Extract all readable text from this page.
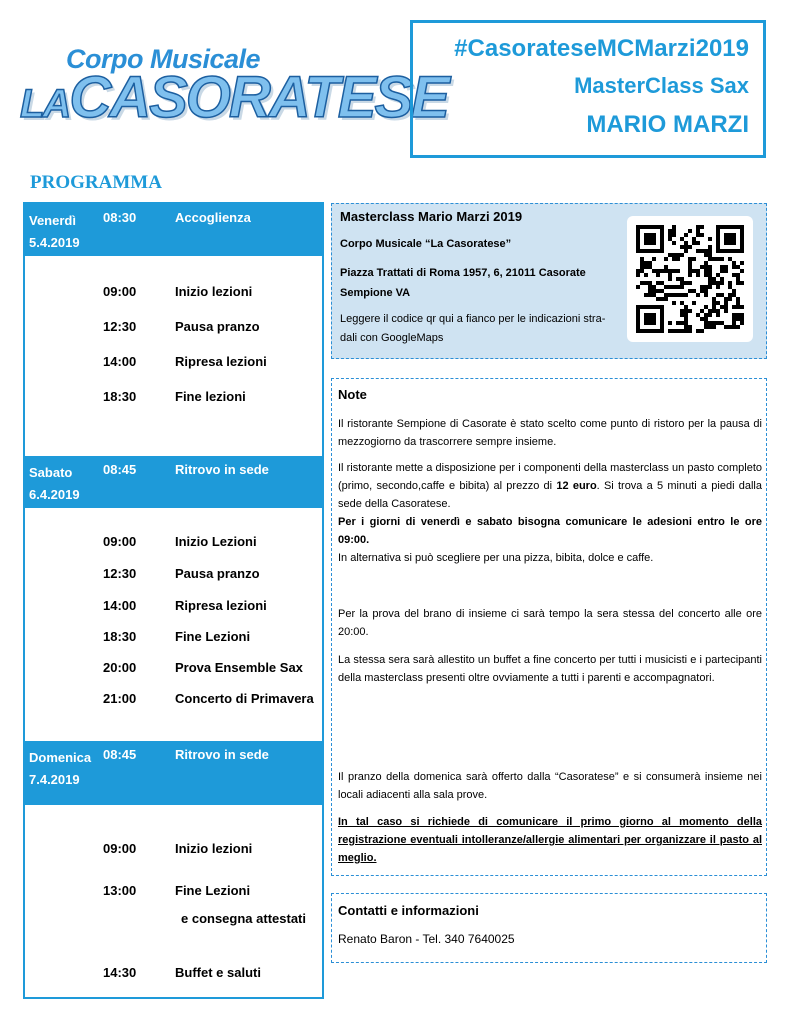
Corpo Musicale
LACASORATESE
#CasorateseMCMarzi2019
MasterClass Sax
MARIO MARZI
PROGRAMMA
Venerdì
5.4.2019
08:30	Accoglienza
09:00	Inizio lezioni
12:30	Pausa pranzo
14:00	Ripresa lezioni
18:30	Fine lezioni
Sabato
6.4.2019
08:45	Ritrovo in sede
09:00	Inizio Lezioni
12:30	Pausa pranzo
14:00	Ripresa lezioni
18:30	Fine Lezioni
20:00	Prova Ensemble Sax
21:00	Concerto di Primavera
Domenica
7.4.2019
08:45	Ritrovo in sede
09:00	Inizio lezioni
13:00	Fine Lezioni
e consegna attestati
14:30	Buffet e saluti
Masterclass Mario Marzi 2019
Corpo Musicale “La Casoratese”
Piazza Trattati di Roma 1957, 6, 21011 Casorate
Sempione VA
Leggere il codice qr qui a fianco per le indicazioni stra-
dali con GoogleMaps
Note

Il ristorante Sempione di Casorate è stato scelto come punto di ristoro per la pausa di mezzogiorno da trascorrere sempre insieme.

Il ristorante mette a disposizione per i componenti della masterclass un pasto completo (primo, secondo,caffe e bibita) al prezzo di 12 euro. Si trova a 5 minuti a piedi dalla sede della Casoratese.
Per i giorni di venerdì e sabato bisogna comunicare le adesioni entro le ore 09:00.
In alternativa si può scegliere per una pizza, bibita, dolce e caffe.

Per la prova del brano di insieme ci sarà tempo la sera stessa del concerto alle ore 20:00.

La stessa sera sarà allestito un buffet a fine concerto per tutti i musicisti e i partecipanti della masterclass presenti oltre ovviamente a tutti i parenti e accompagnatori.

Il pranzo della domenica sarà offerto dalla “Casoratese” e si consumerà insieme nei locali adiacenti alla sala prove.

In tal caso si richiede di comunicare il primo giorno al momento della registrazione eventuali intolleranze/allergie alimentari per organizzare il pasto al meglio.

Contatti e informazioni
Renato Baron - Tel. 340 7640025
